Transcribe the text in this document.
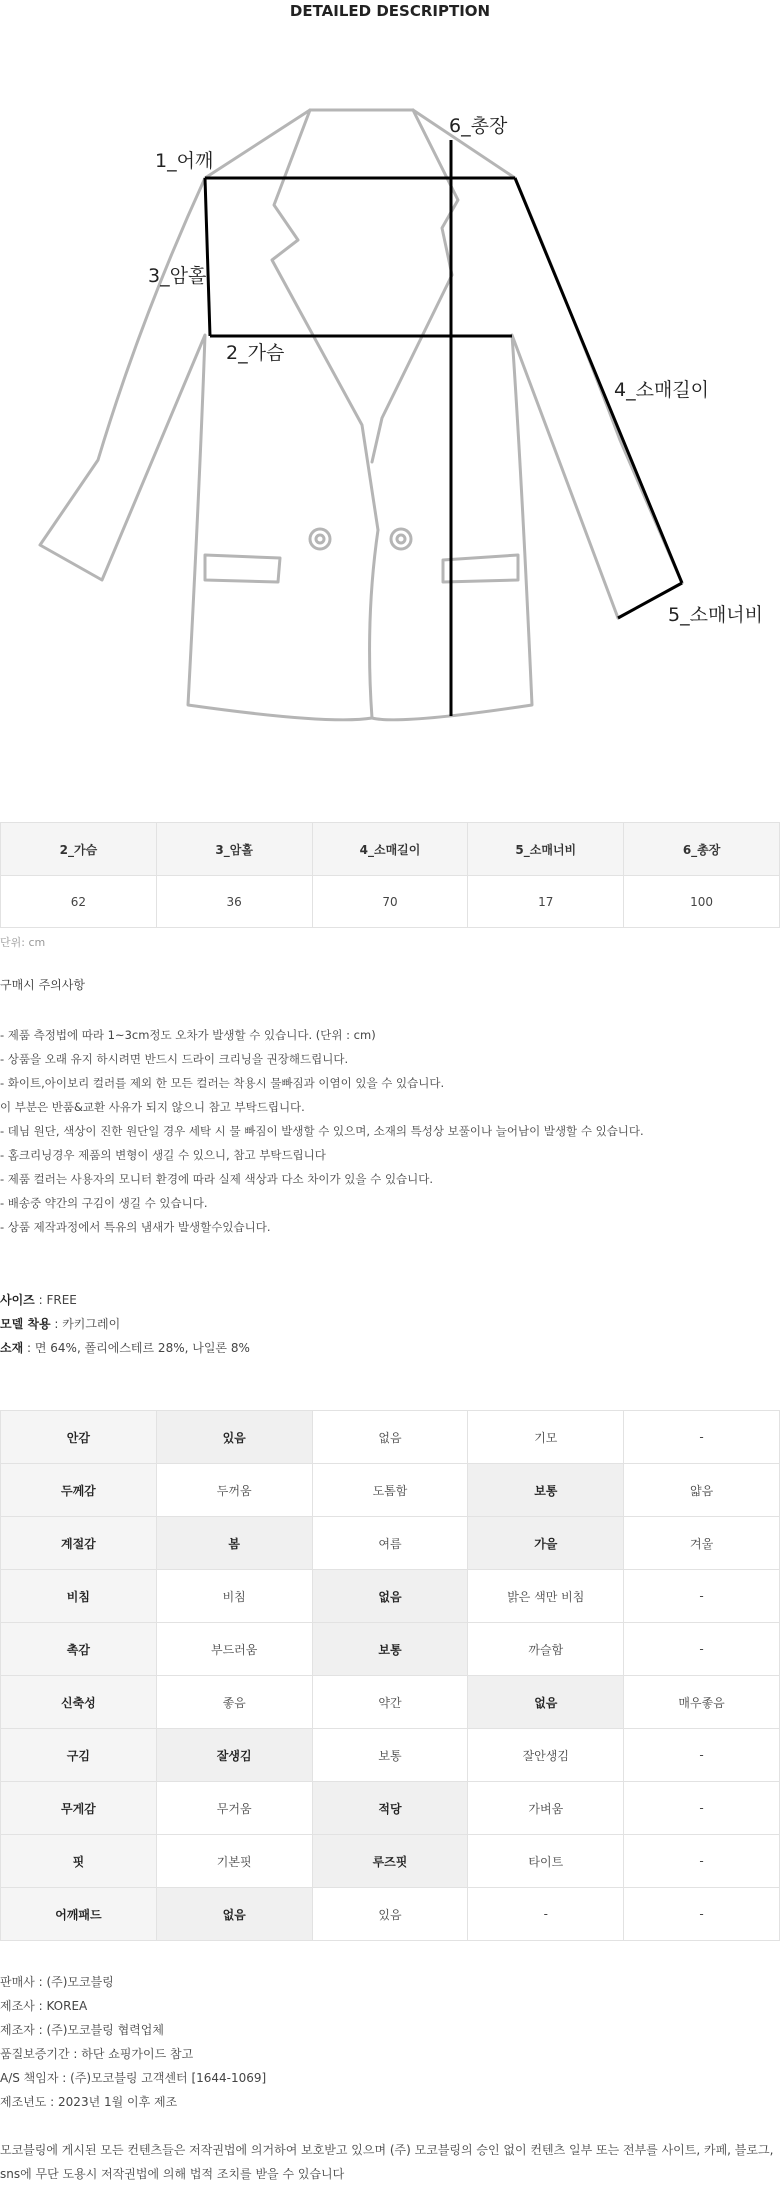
DETAILED DESCRIPTION
1_어깨
2_가슴
3_암홀
4_소매길이
5_소매너비
6_총장
2_가슴	3_암홀	4_소매길이	5_소매너비	6_총장
62	36	70	17	100
단위: cm
구매시 주의사항
- 제품 측정법에 따라 1~3cm정도 오차가 발생할 수 있습니다. (단위 : cm)
- 상품을 오래 유지 하시려면 반드시 드라이 크리닝을 권장해드립니다.
- 화이트,아이보리 컬러를 제외 한 모든 컬러는 착용시 물빠짐과 이염이 있을 수 있습니다.
이 부분은 반품&교환 사유가 되지 않으니 참고 부탁드립니다.
- 데님 원단, 색상이 진한 원단일 경우 세탁 시 물 빠짐이 발생할 수 있으며, 소재의 특성상 보풀이나 늘어남이 발생할 수 있습니다.
- 홈크리닝경우 제품의 변형이 생길 수 있으니, 참고 부탁드립니다
- 제품 컬러는 사용자의 모니터 환경에 따라 실제 색상과 다소 차이가 있을 수 있습니다.
- 배송중 약간의 구김이 생길 수 있습니다.
- 상품 제작과정에서 특유의 냄새가 발생할수있습니다.
사이즈 : FREE
모델 착용 : 카키그레이
소재 : 면 64%, 폴리에스테르 28%, 나일론 8%
안감	있음	없음	기모	-
두께감	두꺼움	도톰함	보통	얇음
계절감	봄	여름	가을	겨울
비침	비침	없음	밝은 색만 비침	-
촉감	부드러움	보통	까슬함	-
신축성	좋음	약간	없음	매우좋음
구김	잘생김	보통	잘안생김	-
무게감	무거움	적당	가벼움	-
핏	기본핏	루즈핏	타이트	-
어깨패드	없음	있음	-	-
판매사 : (주)모코블링
제조사 : KOREA
제조자 : (주)모코블링 협력업체
품질보증기간 : 하단 쇼핑가이드 참고
A/S 책임자 : (주)모코블링 고객센터 [1644-1069]
제조년도 : 2023년 1월 이후 제조
모코블링에 게시된 모든 컨텐츠들은 저작권법에 의거하여 보호받고 있으며 (주) 모코블링의 승인 없이 컨텐츠 일부 또는 전부를 사이트, 카페, 블로그, sns에 무단 도용시 저작권법에 의해 법적 조치를 받을 수 있습니다
